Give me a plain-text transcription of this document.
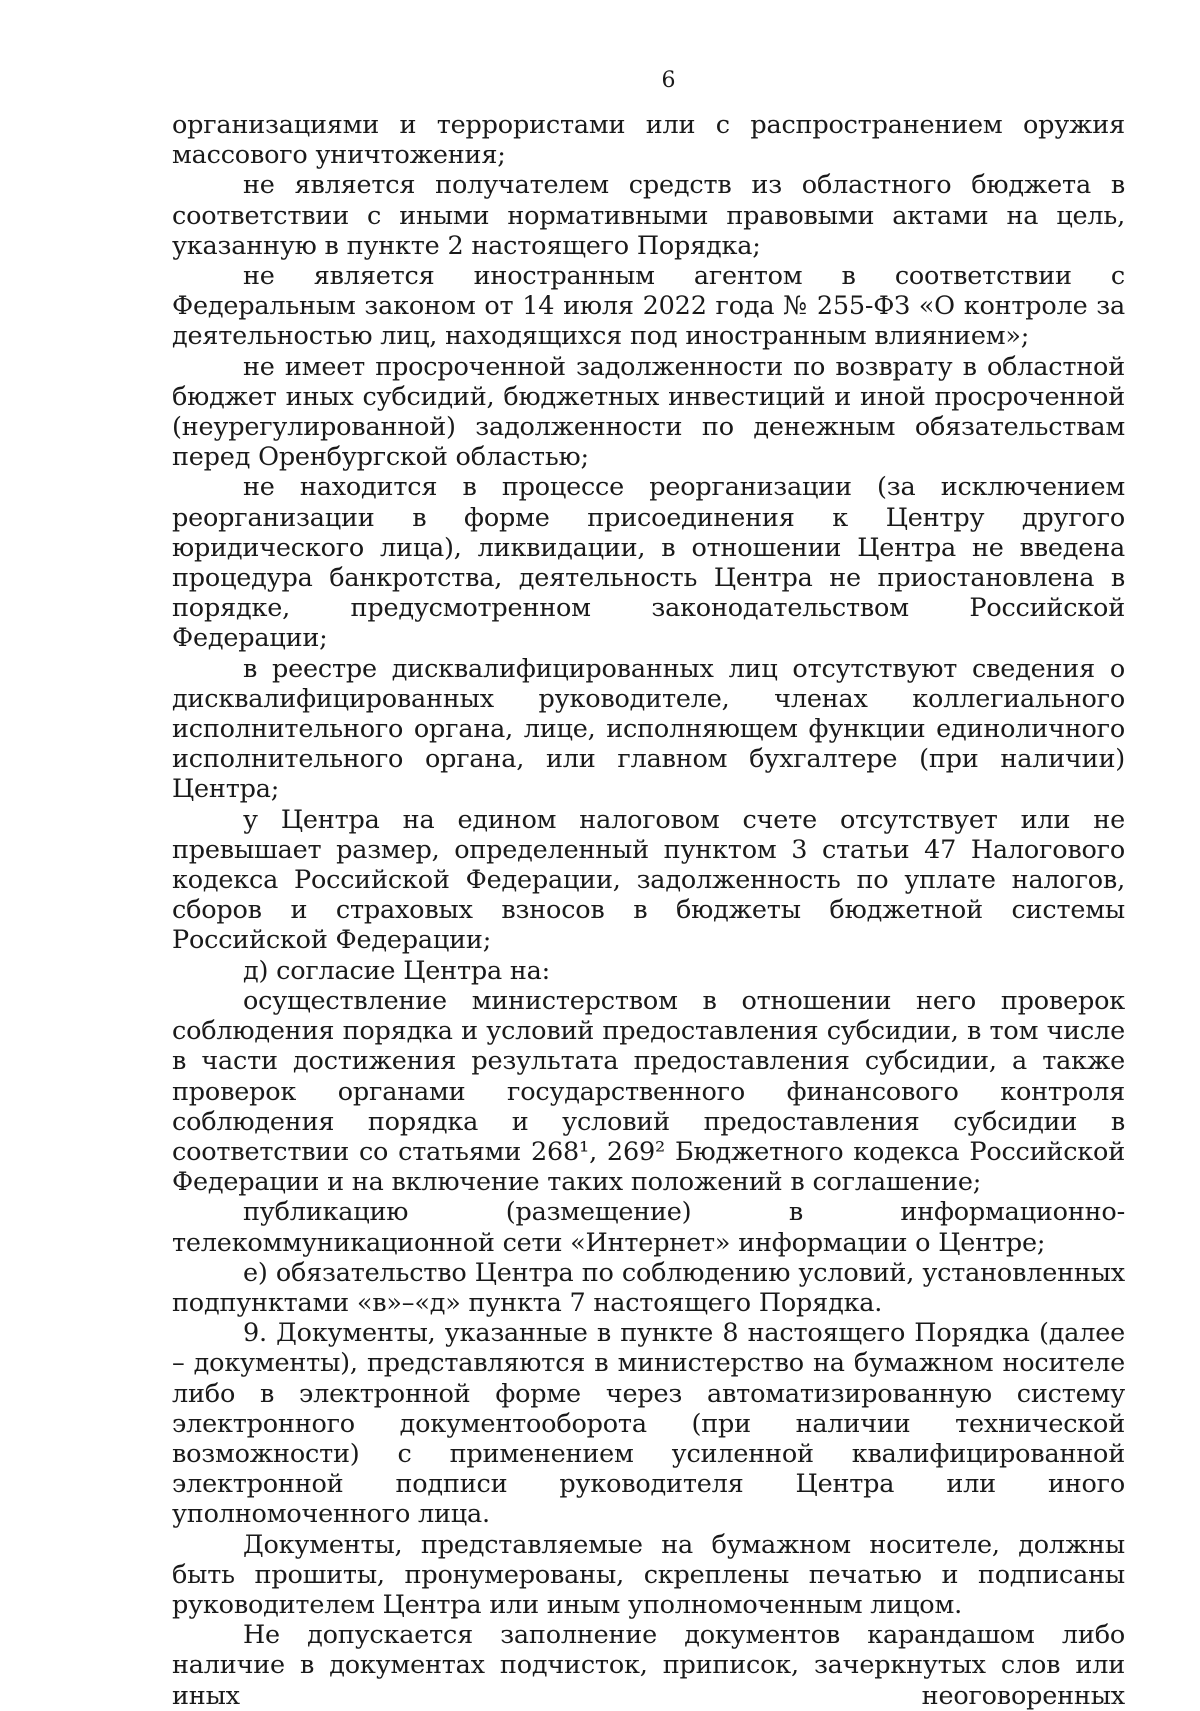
6

организациями и террористами или с распространением оружия массового уничтожения;

не является получателем средств из областного бюджета в соответствии с иными нормативными правовыми актами на цель, указанную в пункте 2 настоящего Порядка;

не является иностранным агентом в соответствии с Федеральным законом от 14 июля 2022 года № 255-ФЗ «О контроле за деятельностью лиц, находящихся под иностранным влиянием»;

не имеет просроченной задолженности по возврату в областной бюджет иных субсидий, бюджетных инвестиций и иной просроченной (неурегулированной) задолженности по денежным обязательствам перед Оренбургской областью;

не находится в процессе реорганизации (за исключением реорганизации в форме присоединения к Центру другого юридического лица), ликвидации, в отношении Центра не введена процедура банкротства, деятельность Центра не приостановлена в порядке, предусмотренном законодательством Российской Федерации;

в реестре дисквалифицированных лиц отсутствуют сведения о дисквалифицированных руководителе, членах коллегиального исполнительного органа, лице, исполняющем функции единоличного исполнительного органа, или главном бухгалтере (при наличии) Центра;

у Центра на едином налоговом счете отсутствует или не превышает размер, определенный пунктом 3 статьи 47 Налогового кодекса Российской Федерации, задолженность по уплате налогов, сборов и страховых взносов в бюджеты бюджетной системы Российской Федерации;

д) согласие Центра на:

осуществление министерством в отношении него проверок соблюдения порядка и условий предоставления субсидии, в том числе в части достижения результата предоставления субсидии, а также проверок органами государственного финансового контроля соблюдения порядка и условий предоставления субсидии в соответствии со статьями 268¹, 269² Бюджетного кодекса Российской Федерации и на включение таких положений в соглашение;

публикацию (размещение) в информационно-телекоммуникационной сети «Интернет» информации о Центре;

е) обязательство Центра по соблюдению условий, установленных подпунктами «в»–«д» пункта 7 настоящего Порядка.

9. Документы, указанные в пункте 8 настоящего Порядка (далее – документы), представляются в министерство на бумажном носителе либо в электронной форме через автоматизированную систему электронного документооборота (при наличии технической возможности) с применением усиленной квалифицированной электронной подписи руководителя Центра или иного уполномоченного лица.

Документы, представляемые на бумажном носителе, должны быть прошиты, пронумерованы, скреплены печатью и подписаны руководителем Центра или иным уполномоченным лицом.

Не допускается заполнение документов карандашом либо наличие в документах подчисток, приписок, зачеркнутых слов или иных неоговоренных
